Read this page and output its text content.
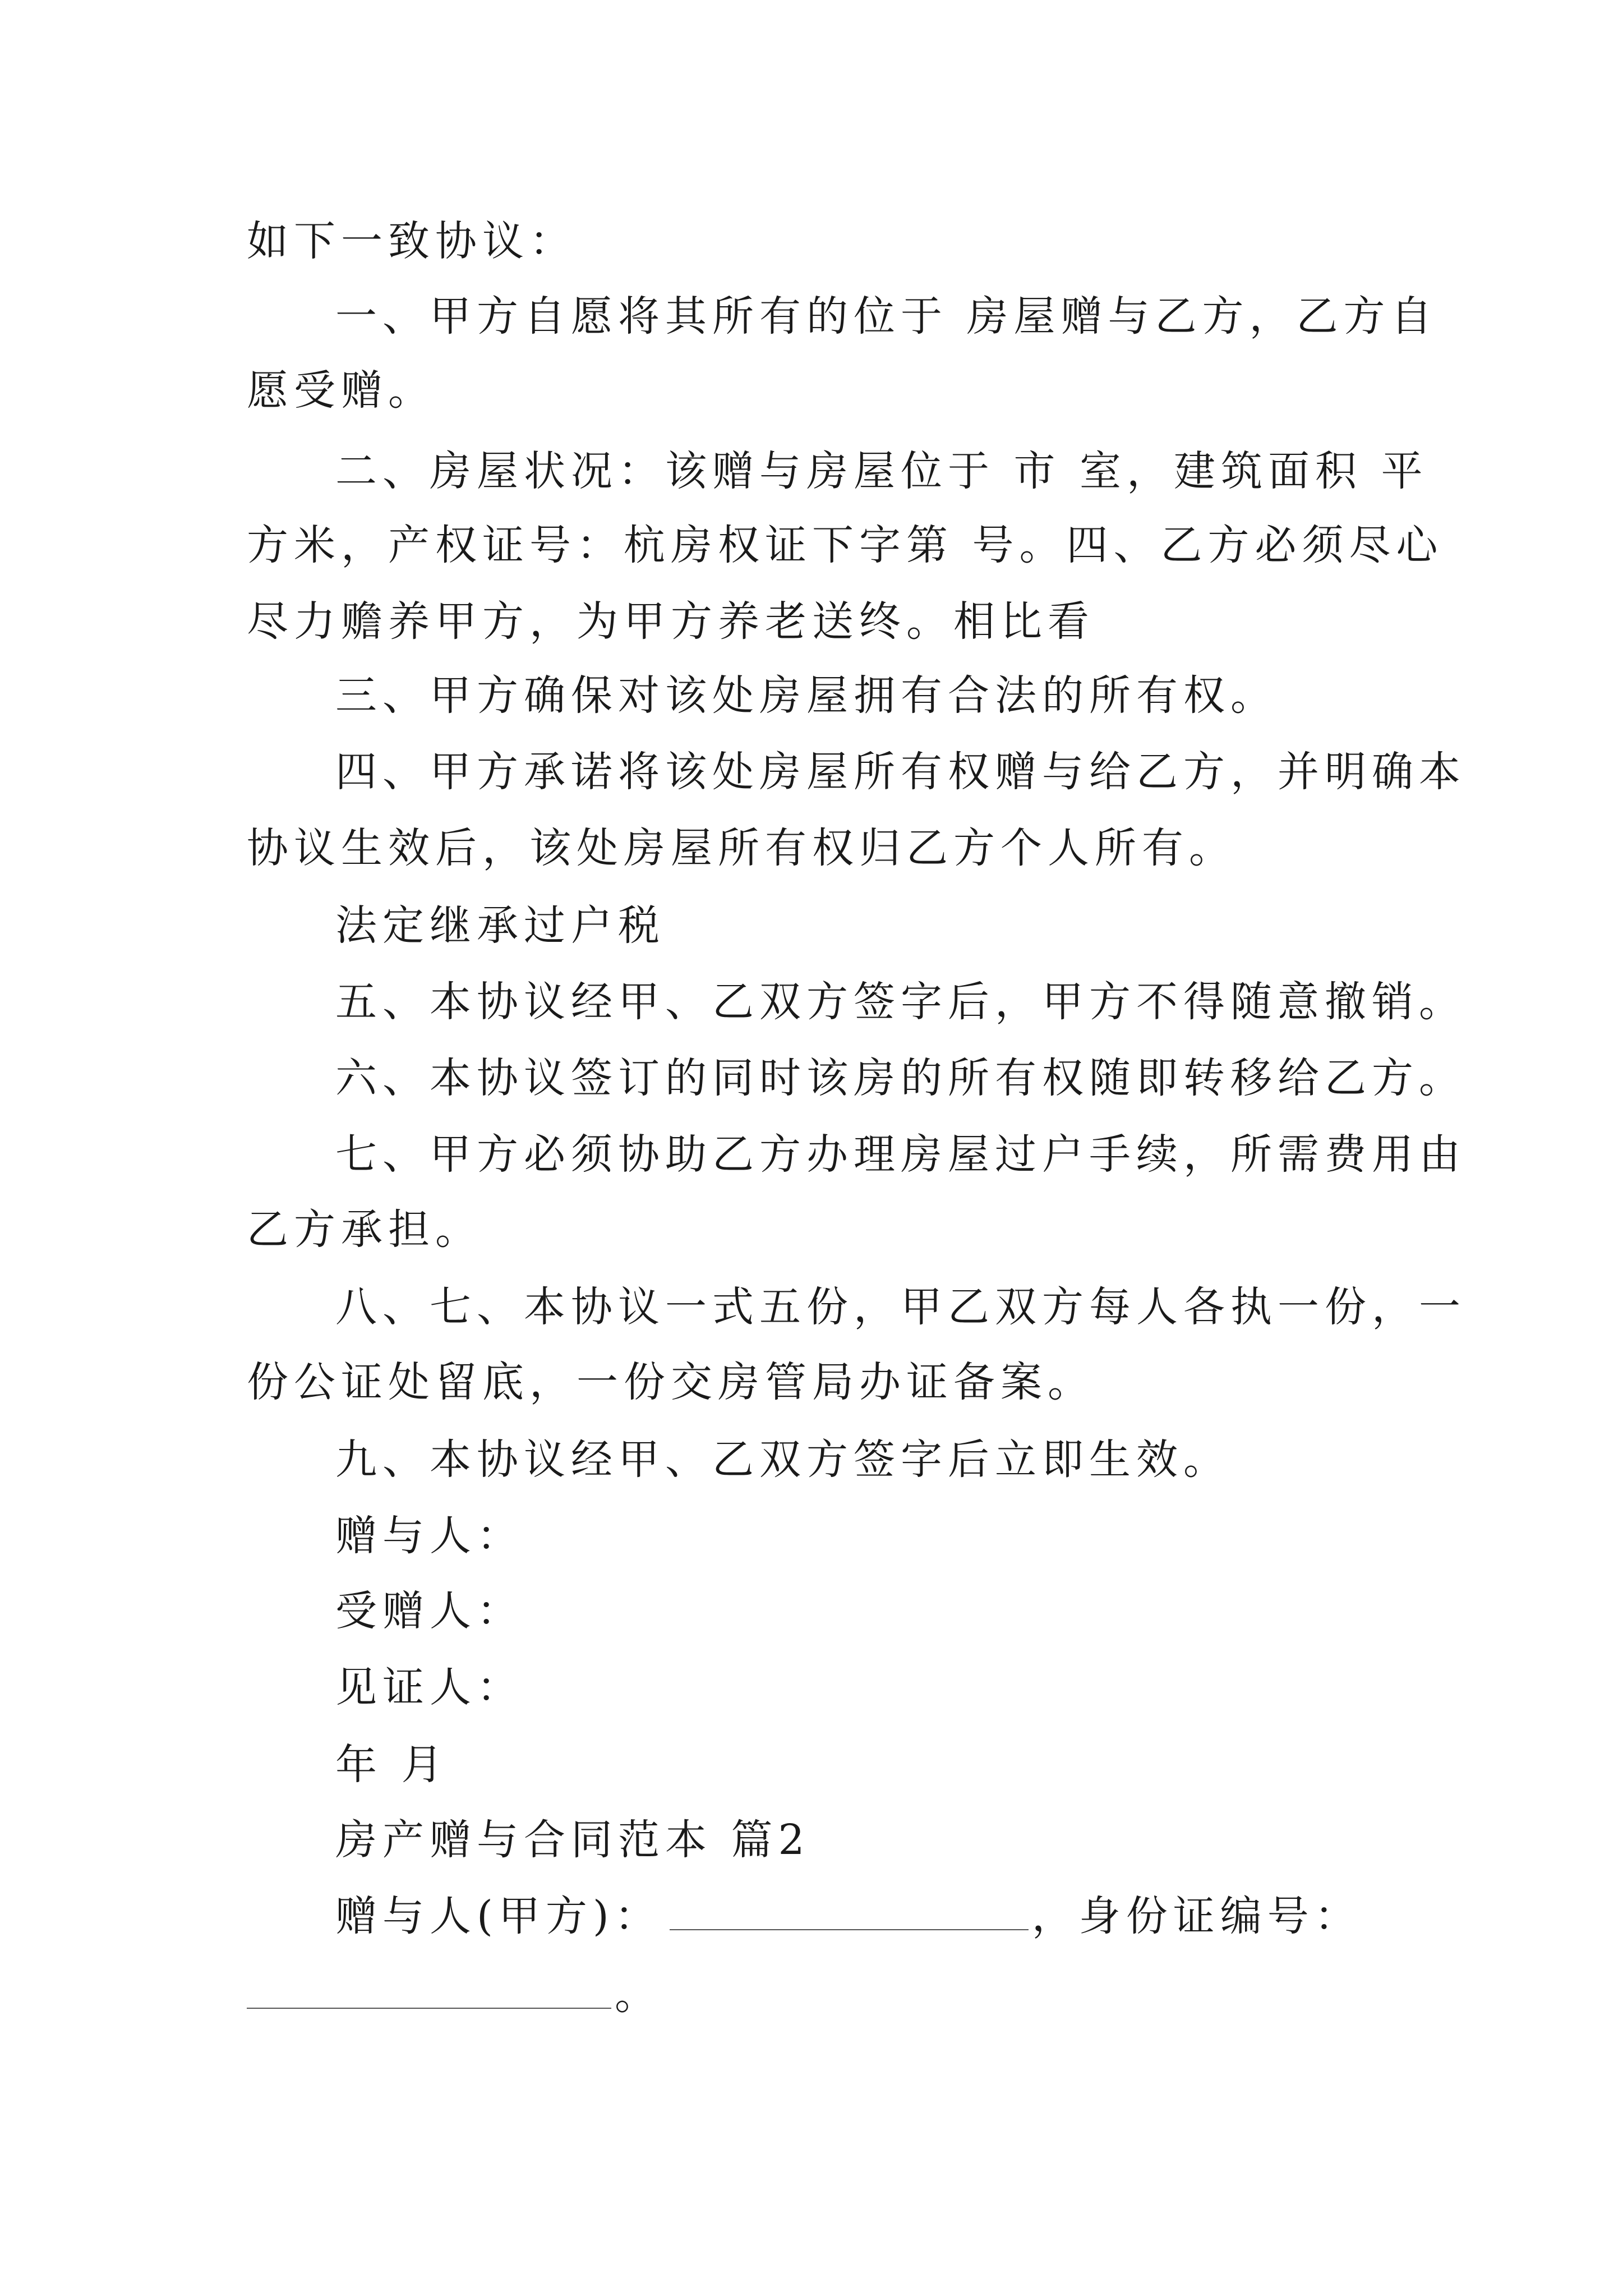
如下一致协议：
一、甲方自愿将其所有的位于 房屋赠与乙方，乙方自
愿受赠。
二、房屋状况：该赠与房屋位于 市 室，建筑面积 平
方米，产权证号：杭房权证下字第 号。四、乙方必须尽心
尽力赡养甲方，为甲方养老送终。相比看
三、甲方确保对该处房屋拥有合法的所有权。
四、甲方承诺将该处房屋所有权赠与给乙方，并明确本
协议生效后，该处房屋所有权归乙方个人所有。
法定继承过户税
五、本协议经甲、乙双方签字后，甲方不得随意撤销。
六、本协议签订的同时该房的所有权随即转移给乙方。
七、甲方必须协助乙方办理房屋过户手续，所需费用由
乙方承担。
八、七、本协议一式五份，甲乙双方每人各执一份，一
份公证处留底，一份交房管局办证备案。
九、本协议经甲、乙双方签字后立即生效。
赠与人：
受赠人：
见证人：
年 月
房产赠与合同范本 篇2
赠与人(甲方)：	，身份证编号：
。
